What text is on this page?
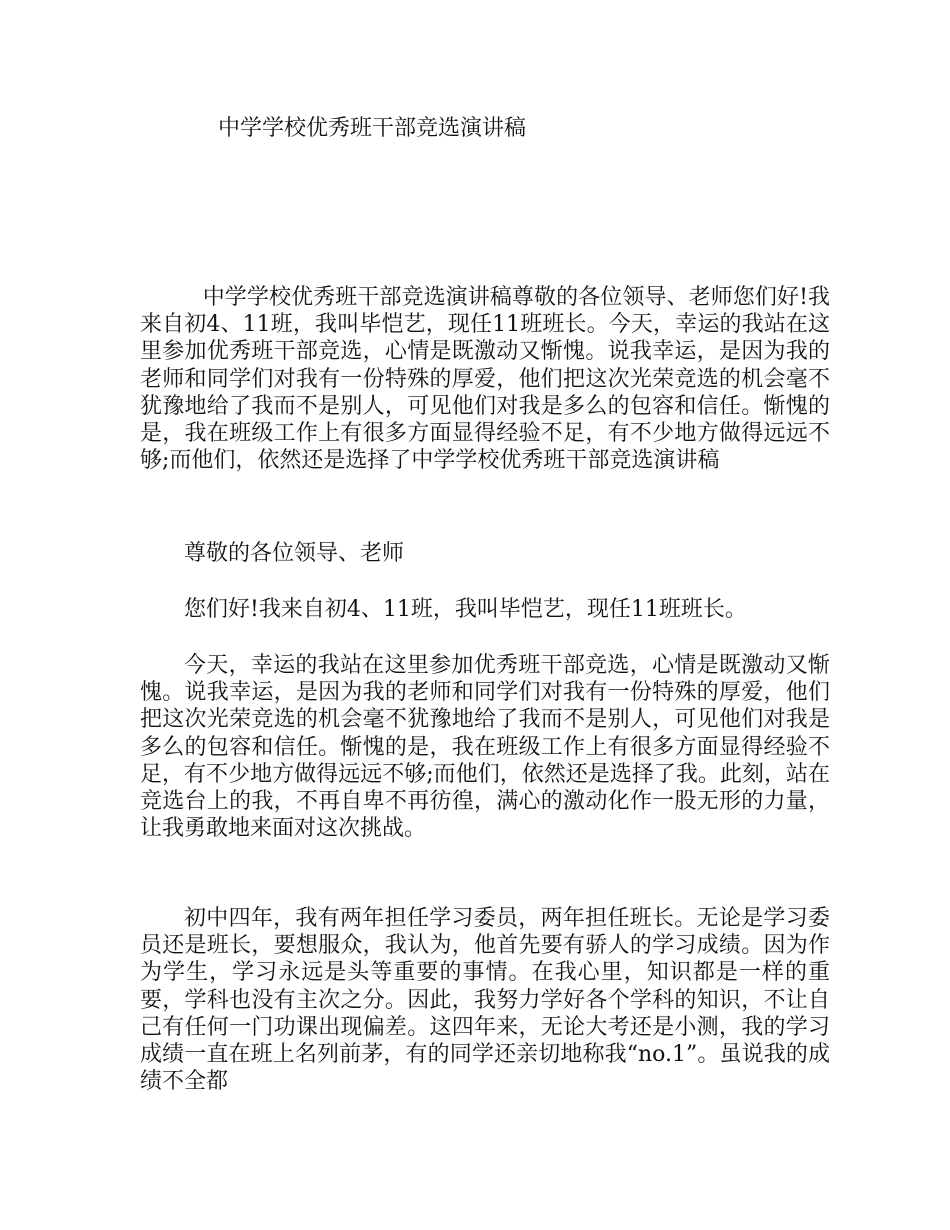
中学学校优秀班干部竞选演讲稿

中学学校优秀班干部竞选演讲稿尊敬的各位领导、老师您们好!我来自初4、11班，我叫毕恺艺，现任11班班长。今天，幸运的我站在这里参加优秀班干部竞选，心情是既激动又惭愧。说我幸运，是因为我的老师和同学们对我有一份特殊的厚爱，他们把这次光荣竞选的机会毫不犹豫地给了我而不是别人，可见他们对我是多么的包容和信任。惭愧的是，我在班级工作上有很多方面显得经验不足，有不少地方做得远远不够;而他们，依然还是选择了中学学校优秀班干部竞选演讲稿

尊敬的各位领导、老师

您们好!我来自初4、11班，我叫毕恺艺，现任11班班长。

今天，幸运的我站在这里参加优秀班干部竞选，心情是既激动又惭愧。说我幸运，是因为我的老师和同学们对我有一份特殊的厚爱，他们把这次光荣竞选的机会毫不犹豫地给了我而不是别人，可见他们对我是多么的包容和信任。惭愧的是，我在班级工作上有很多方面显得经验不足，有不少地方做得远远不够;而他们，依然还是选择了我。此刻，站在竞选台上的我，不再自卑不再彷徨，满心的激动化作一股无形的力量，让我勇敢地来面对这次挑战。

初中四年，我有两年担任学习委员，两年担任班长。无论是学习委员还是班长，要想服众，我认为，他首先要有骄人的学习成绩。因为作为学生，学习永远是头等重要的事情。在我心里，知识都是一样的重要，学科也没有主次之分。因此，我努力学好各个学科的知识，不让自己有任何一门功课出现偏差。这四年来，无论大考还是小测，我的学习成绩一直在班上名列前茅，有的同学还亲切地称我“no.1”。虽说我的成绩不全都
